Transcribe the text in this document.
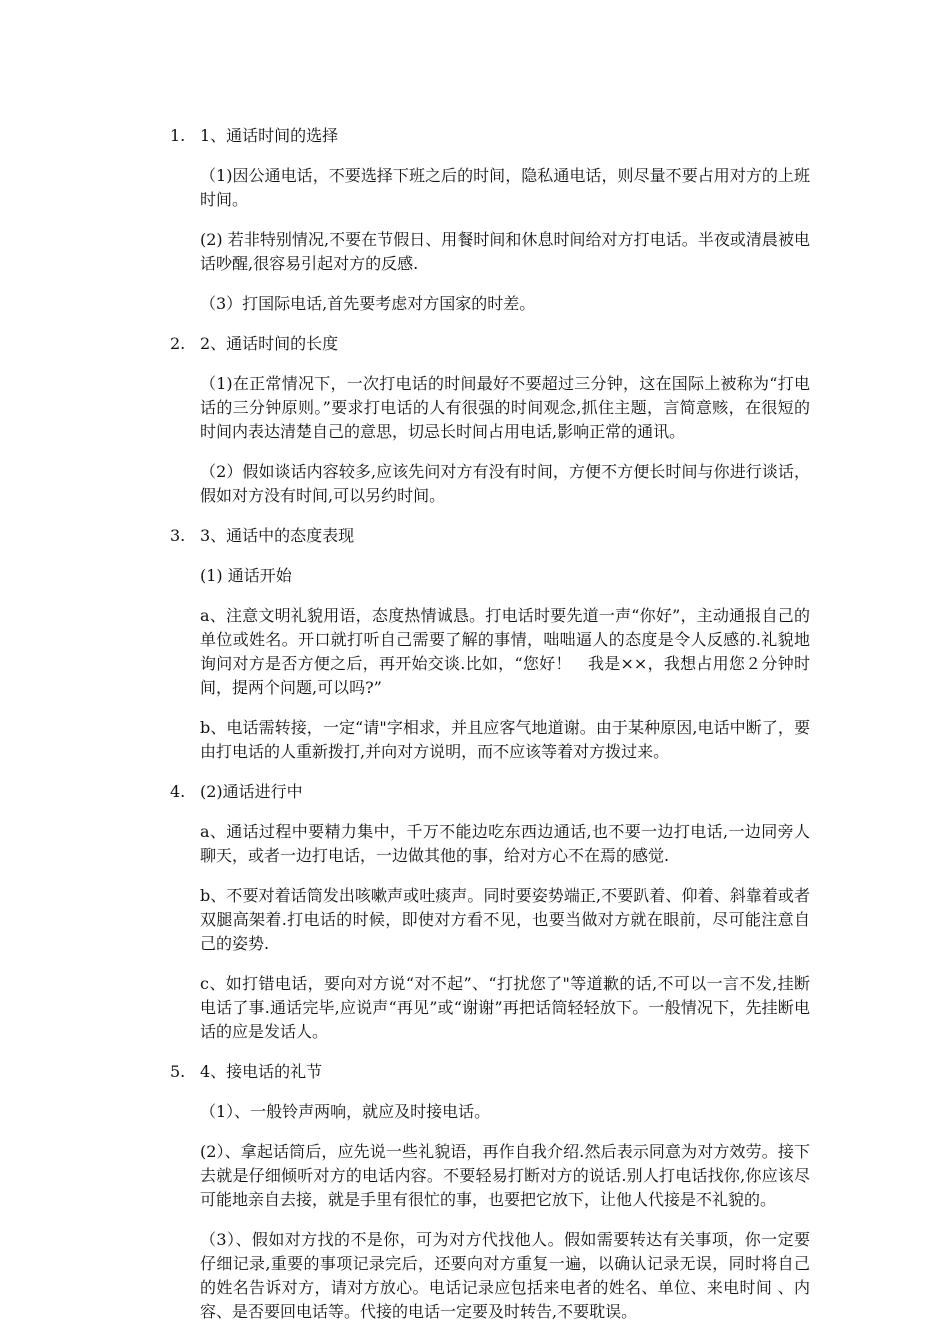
1. 1、通话时间的选择

（1)因公通电话，不要选择下班之后的时间，隐私通电话，则尽量不要占用对方的上班时间。

(2) 若非特别情况,不要在节假日、用餐时间和休息时间给对方打电话。半夜或清晨被电话吵醒,很容易引起对方的反感.

（3）打国际电话,首先要考虑对方国家的时差。

2. 2、通话时间的长度

（1)在正常情况下，一次打电话的时间最好不要超过三分钟，这在国际上被称为“打电话的三分钟原则。”要求打电话的人有很强的时间观念,抓住主题，言简意赅，在很短的时间内表达清楚自己的意思，切忌长时间占用电话,影响正常的通讯。

（2）假如谈话内容较多,应该先问对方有没有时间，方便不方便长时间与你进行谈话，假如对方没有时间,可以另约时间。

3. 3、通话中的态度表现

(1) 通话开始

a、注意文明礼貌用语，态度热情诚恳。打电话时要先道一声“你好”，主动通报自己的单位或姓名。开口就打听自己需要了解的事情，咄咄逼人的态度是令人反感的.礼貌地询问对方是否方便之后，再开始交谈.比如，“您好！　我是××，我想占用您２分钟时间，提两个问题,可以吗?”

b、电话需转接，一定“请"字相求，并且应客气地道谢。由于某种原因,电话中断了，要由打电话的人重新拨打,并向对方说明，而不应该等着对方拨过来。

4. (2)通话进行中

a、通话过程中要精力集中，千万不能边吃东西边通话,也不要一边打电话,一边同旁人聊天，或者一边打电话，一边做其他的事，给对方心不在焉的感觉.

b、不要对着话筒发出咳嗽声或吐痰声。同时要姿势端正,不要趴着、仰着、斜靠着或者双腿高架着.打电话的时候，即使对方看不见，也要当做对方就在眼前，尽可能注意自己的姿势.

c、如打错电话，要向对方说“对不起”、“打扰您了"等道歉的话,不可以一言不发,挂断电话了事.通话完毕,应说声“再见”或“谢谢”再把话筒轻轻放下。一般情况下，先挂断电话的应是发话人。

5. 4、接电话的礼节

（1）、一般铃声两响，就应及时接电话。

(2）、拿起话筒后，应先说一些礼貌语，再作自我介绍.然后表示同意为对方效劳。接下去就是仔细倾听对方的电话内容。不要轻易打断对方的说话.别人打电话找你,你应该尽可能地亲自去接，就是手里有很忙的事，也要把它放下，让他人代接是不礼貌的。

（3）、假如对方找的不是你，可为对方代找他人。假如需要转达有关事项，你一定要仔细记录,重要的事项记录完后，还要向对方重复一遍，以确认记录无误，同时将自己的姓名告诉对方，请对方放心。电话记录应包括来电者的姓名、单位、来电时间 、内容、是否要回电话等。代接的电话一定要及时转告,不要耽误。
